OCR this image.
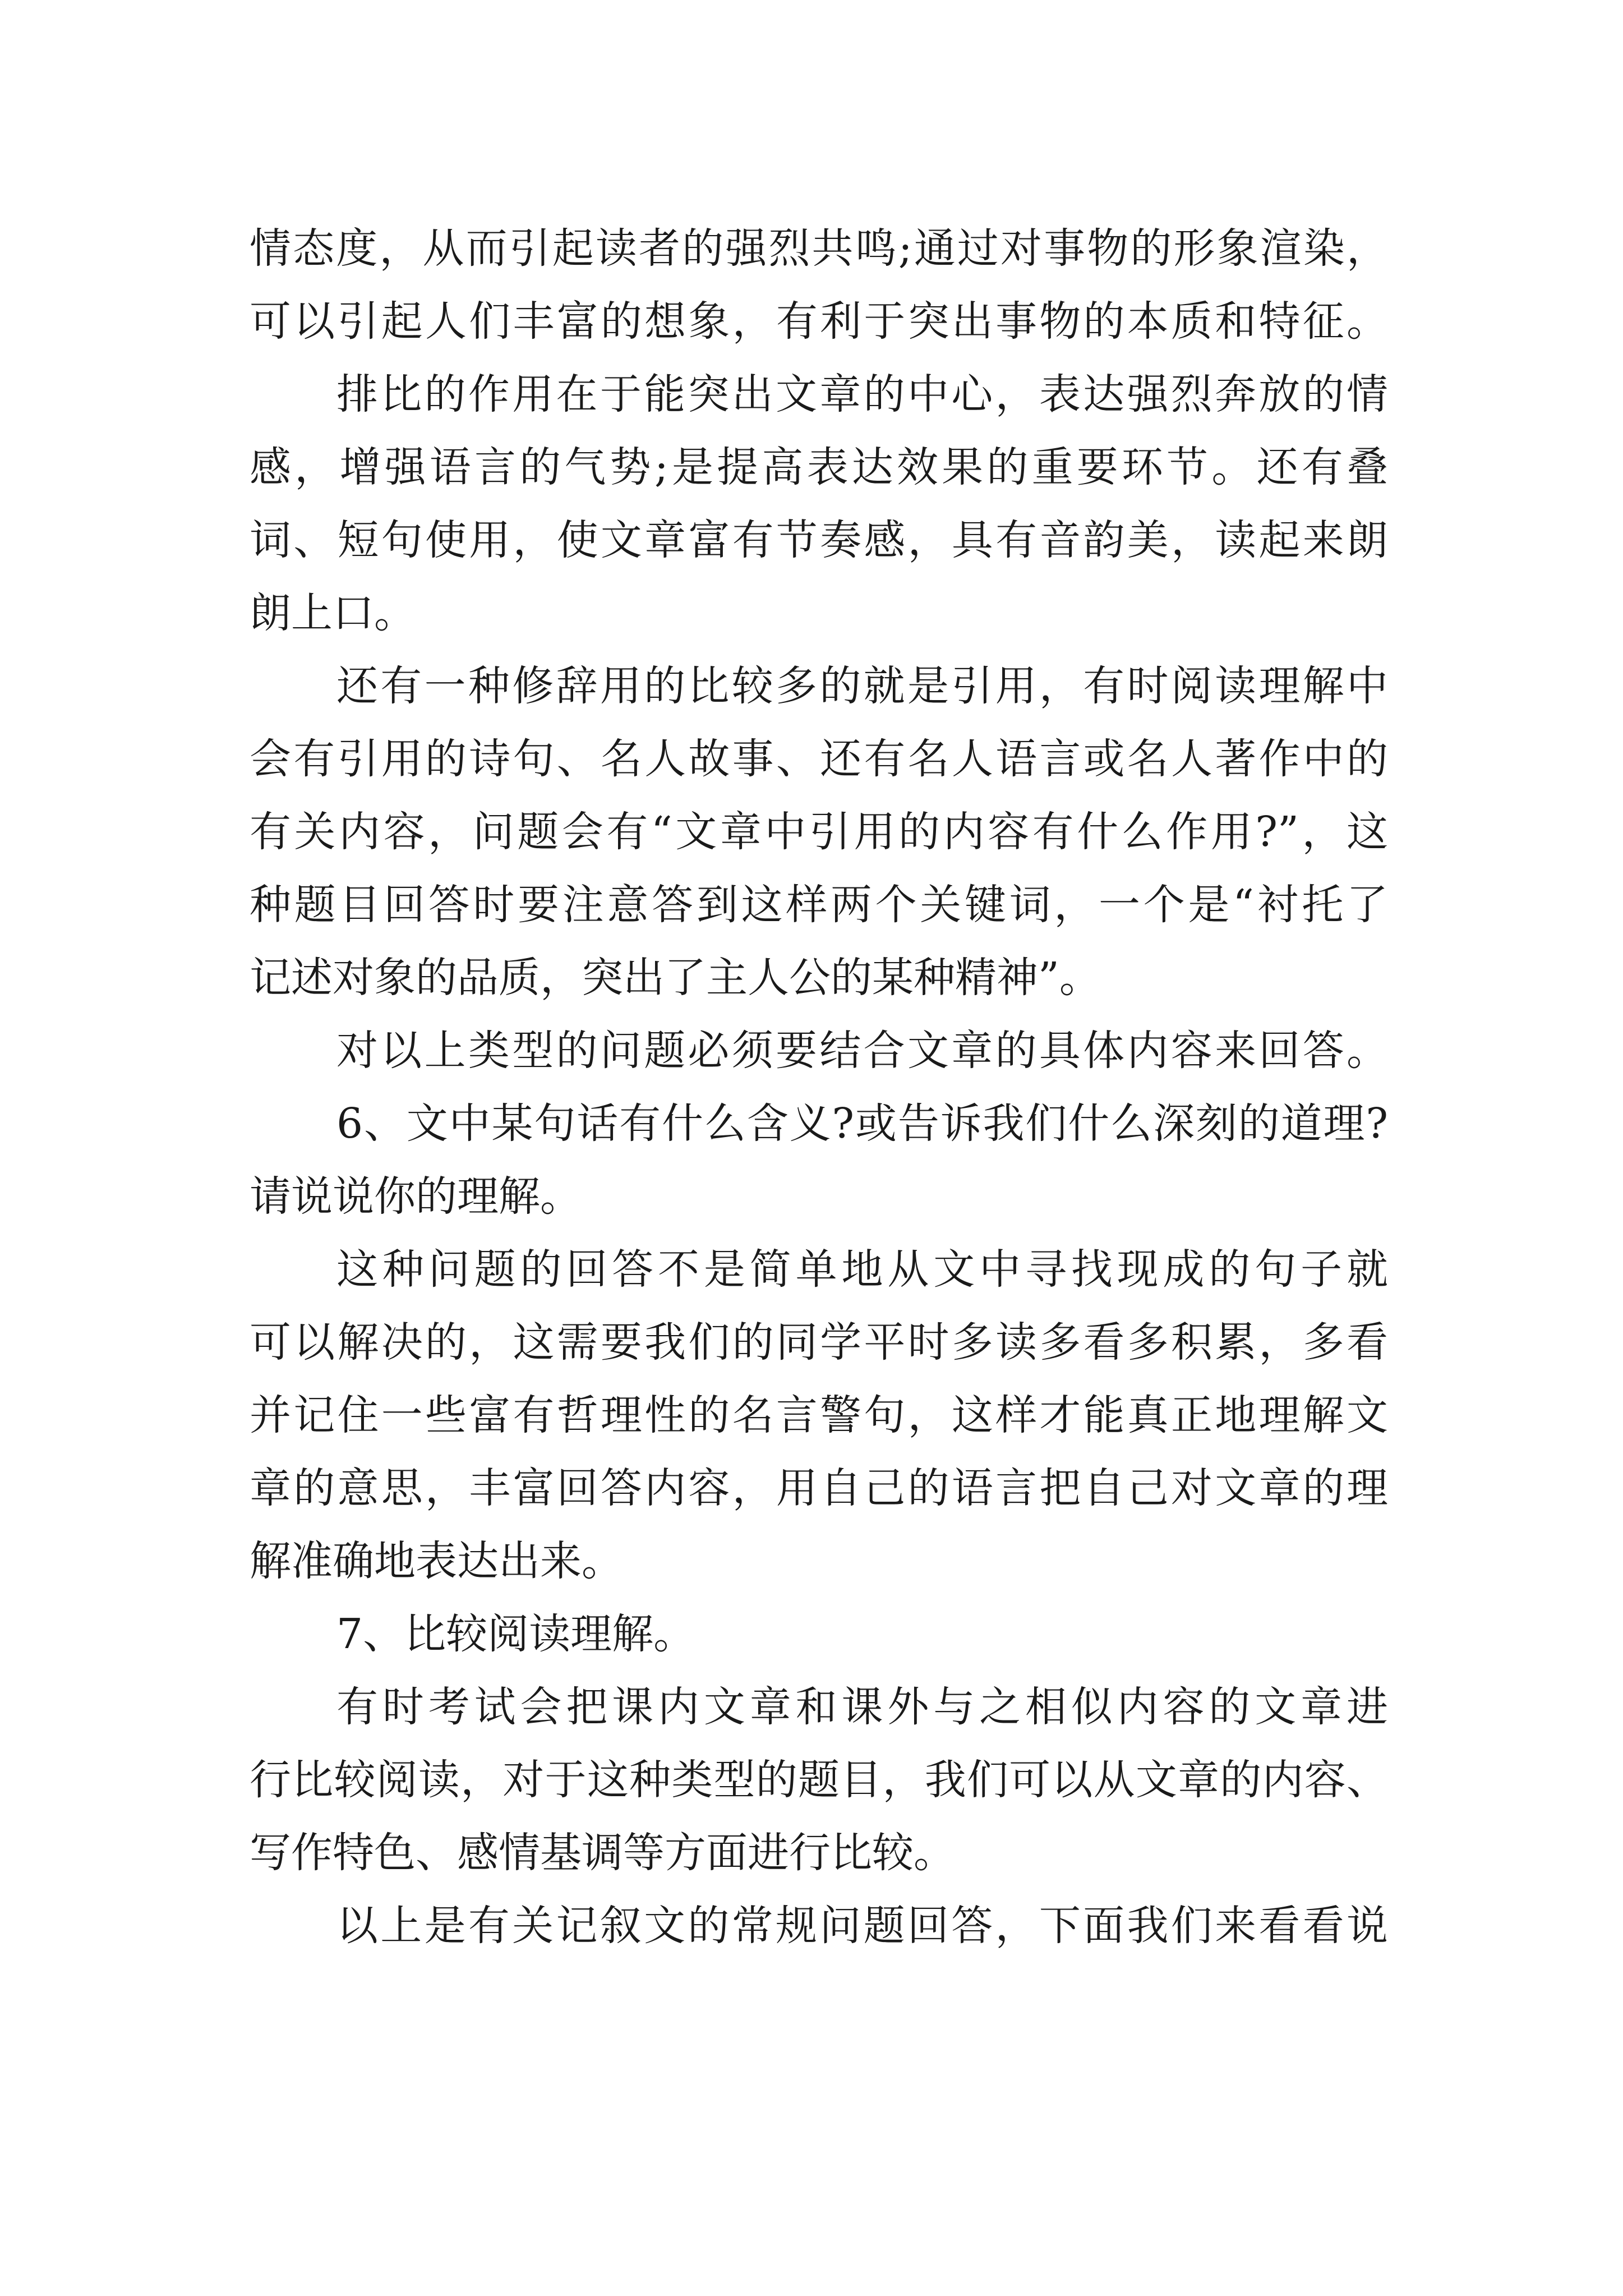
情态度，从而引起读者的强烈共鸣;通过对事物的形象渲染，

可以引起人们丰富的想象，有利于突出事物的本质和特征。

排比的作用在于能突出文章的中心，表达强烈奔放的情

感，增强语言的气势;是提高表达效果的重要环节。还有叠

词、短句使用，使文章富有节奏感，具有音韵美，读起来朗

朗上口。

还有一种修辞用的比较多的就是引用，有时阅读理解中

会有引用的诗句、名人故事、还有名人语言或名人著作中的

有关内容，问题会有“文章中引用的内容有什么作用?”，这

种题目回答时要注意答到这样两个关键词，一个是“衬托了

记述对象的品质，突出了主人公的某种精神”。

对以上类型的问题必须要结合文章的具体内容来回答。

6、文中某句话有什么含义?或告诉我们什么深刻的道理?

请说说你的理解。

这种问题的回答不是简单地从文中寻找现成的句子就

可以解决的，这需要我们的同学平时多读多看多积累，多看

并记住一些富有哲理性的名言警句，这样才能真正地理解文

章的意思，丰富回答内容，用自己的语言把自己对文章的理

解准确地表达出来。

7、比较阅读理解。

有时考试会把课内文章和课外与之相似内容的文章进

行比较阅读，对于这种类型的题目，我们可以从文章的内容、

写作特色、感情基调等方面进行比较。

以上是有关记叙文的常规问题回答，下面我们来看看说
